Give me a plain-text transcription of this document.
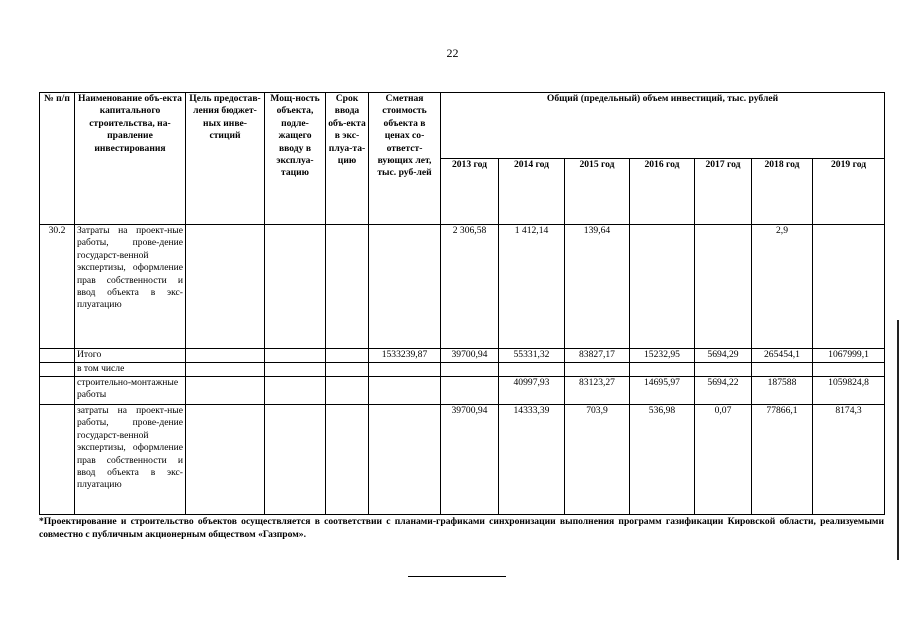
22
№ п/п	Наименование объ-екта капитального строительства, на-правление инвестирования	Цель предостав-ления бюджет-ных инве-стиций	Мощ-ность объекта, подле-жащего вводу в эксплуа-тацию	Срок ввода объ-екта в экс-плуа-та-цию	Сметная стоимость объекта в ценах со-ответст-вующих лет, тыс. руб-лей	Общий (предельный) объем инвестиций, тыс. рублей						
						2013 год	2014 год	2015 год	2016 год	2017 год	2018 год	2019 год
30.2	Затраты на проект-ные работы, прове-дение государст-венной экспертизы, оформление прав собственности и ввод объекта в экс-плуатацию					2 306,58	1 412,14	139,64			2,9	
	Итого				1533239,87	39700,94	55331,32	83827,17	15232,95	5694,29	265454,1	1067999,1
	в том числе											
	строительно-монтажные работы						40997,93	83123,27	14695,97	5694,22	187588	1059824,8
	затраты на проект-ные работы, прове-дение государст-венной экспертизы, оформление прав собственности и ввод объекта в экс-плуатацию					39700,94	14333,39	703,9	536,98	0,07	77866,1	8174,3
*Проектирование и строительство объектов осуществляется в соответствии с планами-графиками синхронизации выполнения программ газификации Кировской области, реализуемыми совместно с публичным акционерным обществом «Газпром».
